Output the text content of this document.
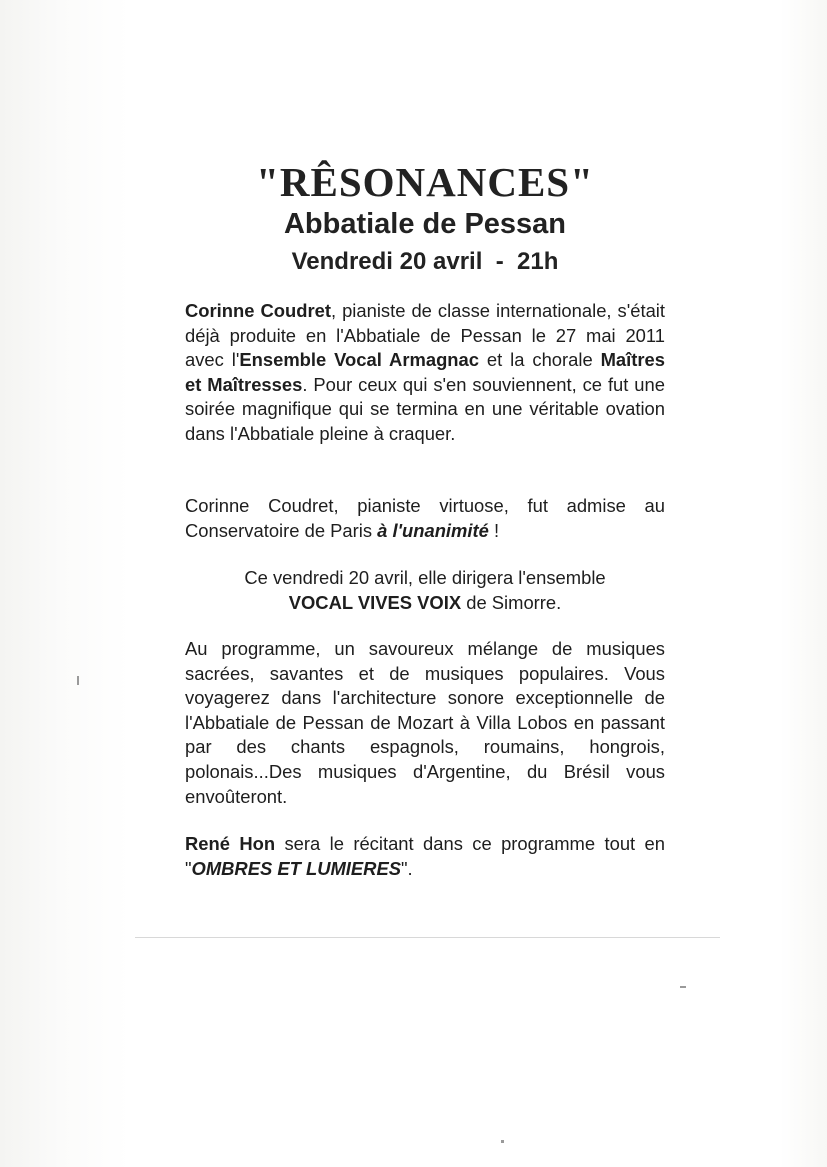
"RÊSONANCES"
Abbatiale de Pessan
Vendredi 20 avril  -  21h
Corinne Coudret, pianiste de classe internationale, s'était déjà produite en l'Abbatiale de Pessan le 27 mai 2011 avec l'Ensemble Vocal Armagnac et la chorale Maîtres et Maîtresses. Pour ceux qui s'en souviennent, ce fut une soirée magnifique qui se termina en une véritable ovation dans l'Abbatiale pleine à craquer.
Corinne Coudret, pianiste virtuose, fut admise au Conservatoire de Paris à l'unanimité !
Ce vendredi 20 avril, elle dirigera l'ensemble
VOCAL VIVES VOIX de Simorre.
Au programme, un savoureux mélange de musiques sacrées, savantes et de musiques populaires. Vous voyagerez dans l'architecture sonore exceptionnelle de l'Abbatiale de Pessan de Mozart à Villa Lobos en passant par des chants espagnols, roumains, hongrois, polonais...Des musiques d'Argentine, du Brésil vous envoûteront.
René Hon sera le récitant dans ce programme tout en "OMBRES ET LUMIERES".
